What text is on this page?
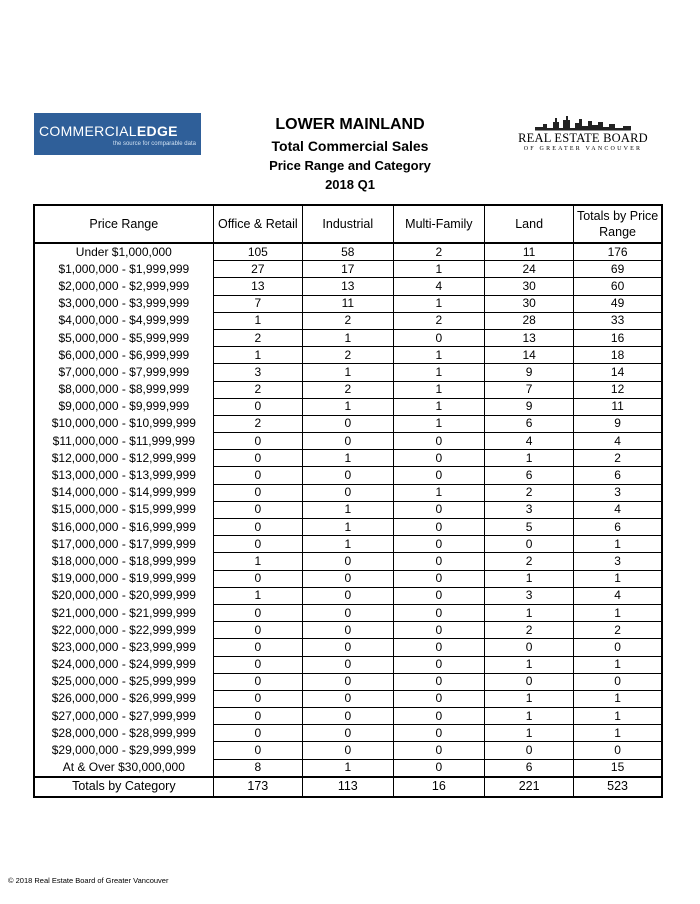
COMMERCIALEDGE
the source for comparable data
LOWER MAINLAND
Total Commercial Sales
Price Range and Category
2018 Q1
REAL ESTATE BOARD
OF GREATER VANCOUVER
Price Range	Office & Retail	Industrial	Multi-Family	Land	Totals by Price Range
Under $1,000,000	105	58	2	11	176
$1,000,000 - $1,999,999	27	17	1	24	69
$2,000,000 - $2,999,999	13	13	4	30	60
$3,000,000 - $3,999,999	7	11	1	30	49
$4,000,000 - $4,999,999	1	2	2	28	33
$5,000,000 - $5,999,999	2	1	0	13	16
$6,000,000 - $6,999,999	1	2	1	14	18
$7,000,000 - $7,999,999	3	1	1	9	14
$8,000,000 - $8,999,999	2	2	1	7	12
$9,000,000 - $9,999,999	0	1	1	9	11
$10,000,000 - $10,999,999	2	0	1	6	9
$11,000,000 - $11,999,999	0	0	0	4	4
$12,000,000 - $12,999,999	0	1	0	1	2
$13,000,000 - $13,999,999	0	0	0	6	6
$14,000,000 - $14,999,999	0	0	1	2	3
$15,000,000 - $15,999,999	0	1	0	3	4
$16,000,000 - $16,999,999	0	1	0	5	6
$17,000,000 - $17,999,999	0	1	0	0	1
$18,000,000 - $18,999,999	1	0	0	2	3
$19,000,000 - $19,999,999	0	0	0	1	1
$20,000,000 - $20,999,999	1	0	0	3	4
$21,000,000 - $21,999,999	0	0	0	1	1
$22,000,000 - $22,999,999	0	0	0	2	2
$23,000,000 - $23,999,999	0	0	0	0	0
$24,000,000 - $24,999,999	0	0	0	1	1
$25,000,000 - $25,999,999	0	0	0	0	0
$26,000,000 - $26,999,999	0	0	0	1	1
$27,000,000 - $27,999,999	0	0	0	1	1
$28,000,000 - $28,999,999	0	0	0	1	1
$29,000,000 - $29,999,999	0	0	0	0	0
At & Over $30,000,000	8	1	0	6	15
Totals by Category	173	113	16	221	523
© 2018 Real Estate Board of Greater Vancouver
